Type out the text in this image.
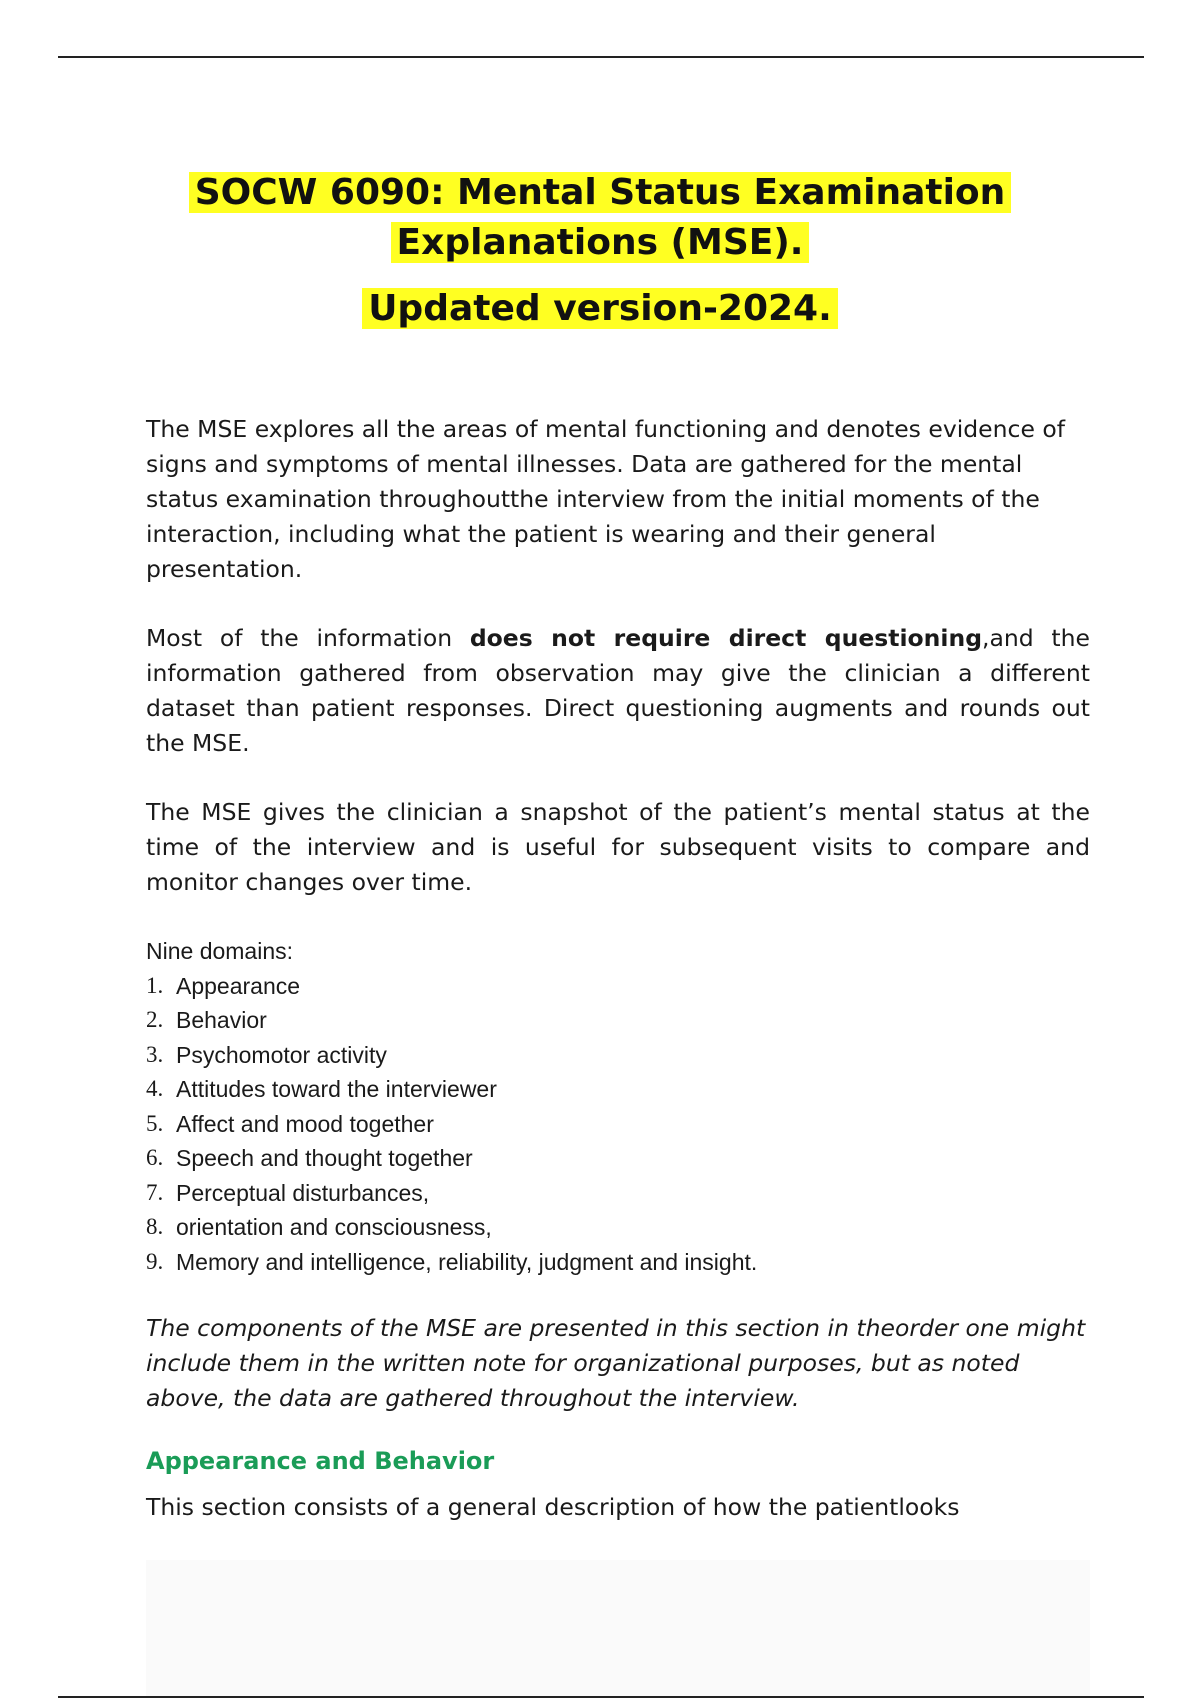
SOCW 6090: Mental Status Examination
Explanations (MSE).
Updated version-2024.

The MSE explores all the areas of mental functioning and denotes evidence of signs and symptoms of mental illnesses. Data are gathered for the mental status examination throughoutthe interview from the initial moments of the interaction, including what the patient is wearing and their general presentation.

Most of the information does not require direct questioning,and the information gathered from observation may give the clinician a different dataset than patient responses. Direct questioning augments and rounds out the MSE.

The MSE gives the clinician a snapshot of the patient’s mental status at the time of the interview and is useful for subsequent visits to compare and monitor changes over time.

Nine domains:
1. Appearance
2. Behavior
3. Psychomotor activity
4. Attitudes toward the interviewer
5. Affect and mood together
6. Speech and thought together
7. Perceptual disturbances,
8. orientation and consciousness,
9. Memory and intelligence, reliability, judgment and insight.

The components of the MSE are presented in this section in theorder one might include them in the written note for organizational purposes, but as noted above, the data are gathered throughout the interview.

Appearance and Behavior

This section consists of a general description of how the patientlooks
